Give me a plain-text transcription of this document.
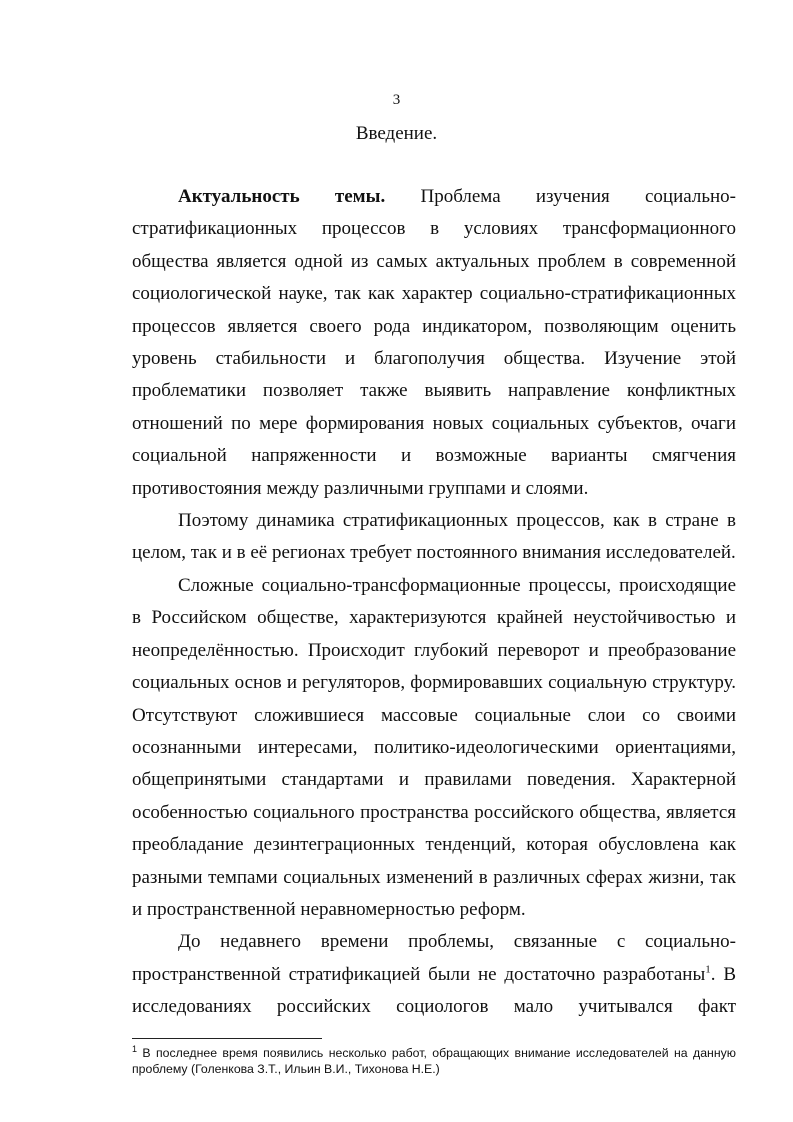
3
Введение.

Актуальность темы. Проблема изучения социально-стратификационных процессов в условиях трансформационного общества является одной из самых актуальных проблем в современной социологической науке, так как характер социально-стратификационных процессов является своего рода индикатором, позволяющим оценить уровень стабильности и благополучия общества. Изучение этой проблематики позволяет также выявить направление конфликтных отношений по мере формирования новых социальных субъектов, очаги социальной напряженности и возможные варианты смягчения противостояния между различными группами и слоями.

Поэтому динамика стратификационных процессов, как в стране в целом, так и в её регионах требует постоянного внимания исследователей.

Сложные социально-трансформационные процессы, происходящие в Российском обществе, характеризуются крайней неустойчивостью и неопределённостью. Происходит глубокий переворот и преобразование социальных основ и регуляторов, формировавших социальную структуру. Отсутствуют сложившиеся массовые социальные слои со своими осознанными интересами, политико-идеологическими ориентациями, общепринятыми стандартами и правилами поведения. Характерной особенностью социального пространства российского общества, является преобладание дезинтеграционных тенденций, которая обусловлена как разными темпами социальных изменений в различных сферах жизни, так и пространственной неравномерностью реформ.

До недавнего времени проблемы, связанные с социально-пространственной стратификацией были не достаточно разработаны$^1$. В исследованиях российских социологов мало учитывался факт

$^1$ В последнее время появились несколько работ, обращающих внимание исследователей на данную проблему (Голенкова З.Т., Ильин В.И., Тихонова Н.Е.)
